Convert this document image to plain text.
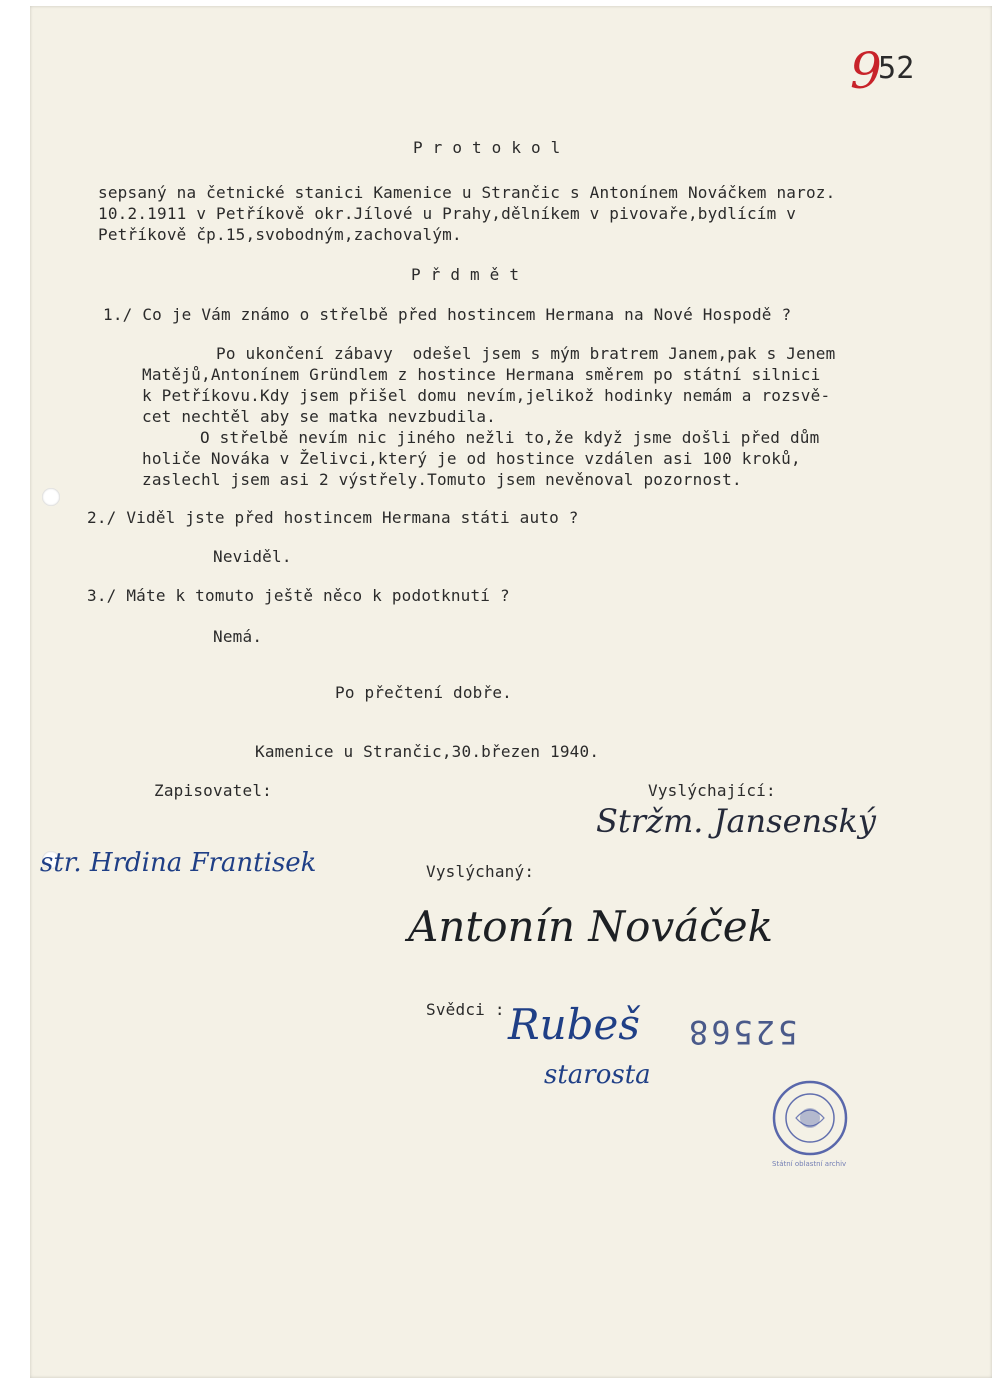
9
52
P r o t o k o l
sepsaný na četnické stanici Kamenice u Strančic s Antonínem Nováčkem naroz.
10.2.1911 v Petříkově okr.Jílové u Prahy,dělníkem v pivovaře,bydlícím v
Petříkově čp.15,svobodným,zachovalým.
P ř d m ě t
1./ Co je Vám známo o střelbě před hostincem Hermana na Nové Hospodě ?
Po ukončení zábavy  odešel jsem s mým bratrem Janem,pak s Jenem
Matějů,Antonínem Gründlem z hostince Hermana směrem po státní silnici
k Petříkovu.Kdy jsem přišel domu nevím,jelikož hodinky nemám a rozsvě-
cet nechtěl aby se matka nevzbudila.
O střelbě nevím nic jiného nežli to,že když jsme došli před dům
holiče Nováka v Želivci,který je od hostince vzdálen asi 100 kroků,
zaslechl jsem asi 2 výstřely.Tomuto jsem nevěnoval pozornost.
2./ Viděl jste před hostincem Hermana státi auto ?
Neviděl.
3./ Máte k tomuto ještě něco k podotknutí ?
Nemá.
Po přečtení dobře.
Kamenice u Strančic,30.březen 1940.
Zapisovatel:	Vyslýchající:
Stržm. Jansenský
str. Hrdina Frantisek	Vyslýchaný:
Antonín Nováček
Svědci : Rubeš
starosta
52568
Státní oblastní archiv
